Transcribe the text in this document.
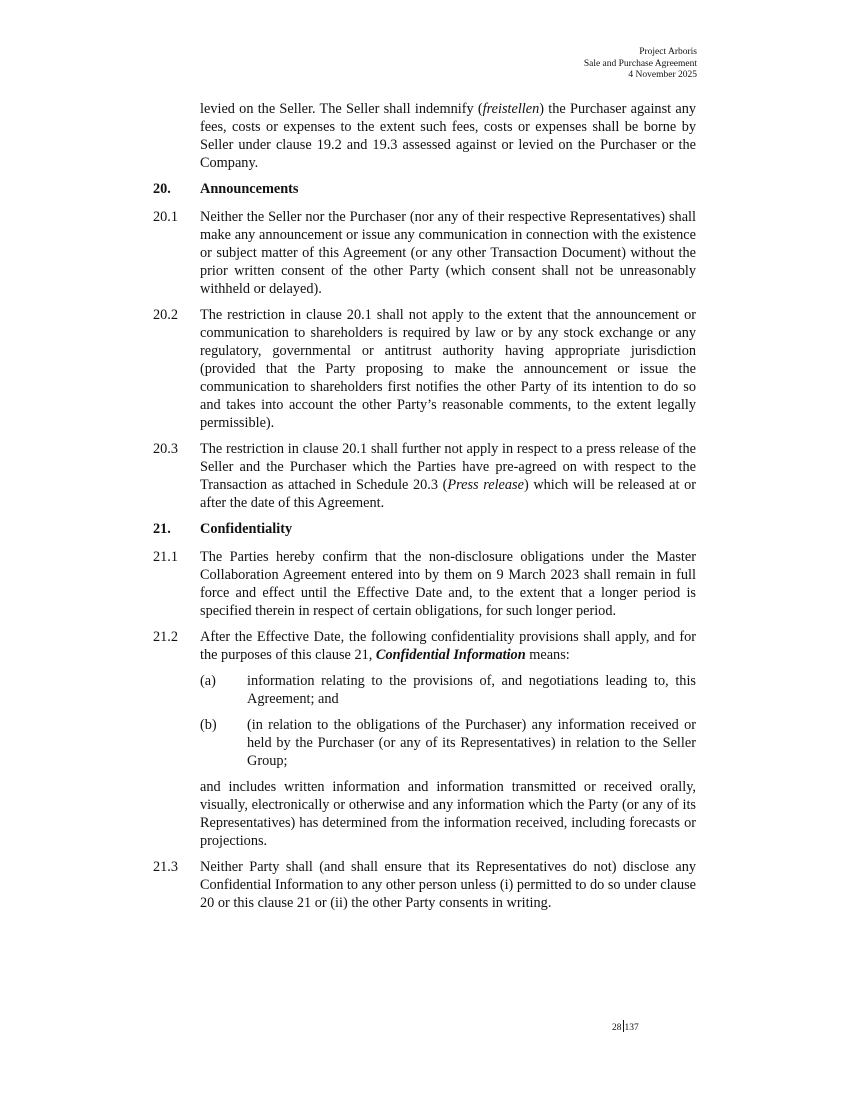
Project Arboris
Sale and Purchase Agreement
4 November 2025

levied on the Seller. The Seller shall indemnify (freistellen) the Purchaser against any fees, costs or expenses to the extent such fees, costs or expenses shall be borne by Seller under clause 19.2 and 19.3 assessed against or levied on the Purchaser or the Company.

20. Announcements
20.1 Neither the Seller nor the Purchaser (nor any of their respective Representatives) shall make any announcement or issue any communication in connection with the existence or subject matter of this Agreement (or any other Transaction Document) without the prior written consent of the other Party (which consent shall not be unreasonably withheld or delayed).

20.2 The restriction in clause 20.1 shall not apply to the extent that the announcement or communication to shareholders is required by law or by any stock exchange or any regulatory, governmental or antitrust authority having appropriate jurisdiction (provided that the Party proposing to make the announcement or issue the communication to shareholders first notifies the other Party of its intention to do so and takes into account the other Party’s reasonable comments, to the extent legally permissible).

20.3 The restriction in clause 20.1 shall further not apply in respect to a press release of the Seller and the Purchaser which the Parties have pre-agreed on with respect to the Transaction as attached in Schedule 20.3 (Press release) which will be released at or after the date of this Agreement.

21. Confidentiality
21.1 The Parties hereby confirm that the non-disclosure obligations under the Master Collaboration Agreement entered into by them on 9 March 2023 shall remain in full force and effect until the Effective Date and, to the extent that a longer period is specified therein in respect of certain obligations, for such longer period.

21.2 After the Effective Date, the following confidentiality provisions shall apply, and for the purposes of this clause 21, Confidential Information means:

(a) information relating to the provisions of, and negotiations leading to, this Agreement; and

(b) (in relation to the obligations of the Purchaser) any information received or held by the Purchaser (or any of its Representatives) in relation to the Seller Group;

and includes written information and information transmitted or received orally, visually, electronically or otherwise and any information which the Party (or any of its Representatives) has determined from the information received, including forecasts or projections.

21.3 Neither Party shall (and shall ensure that its Representatives do not) disclose any Confidential Information to any other person unless (i) permitted to do so under clause 20 or this clause 21 or (ii) the other Party consents in writing.

28 137
